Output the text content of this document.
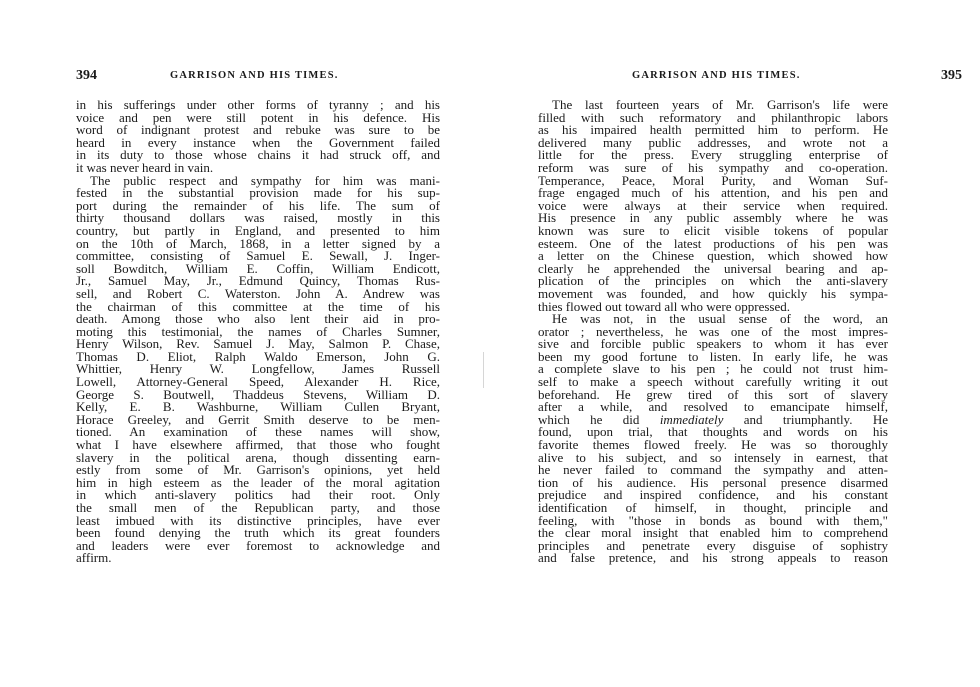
394	GARRISON AND HIS TIMES.
in his sufferings under other forms of tyranny ; and his
voice and pen were still potent in his defence. His
word of indignant protest and rebuke was sure to be
heard in every instance when the Government failed
in its duty to those whose chains it had struck off, and
it was never heard in vain.
The public respect and sympathy for him was mani-
fested in the substantial provision made for his sup-
port during the remainder of his life. The sum of
thirty thousand dollars was raised, mostly in this
country, but partly in England, and presented to him
on the 10th of March, 1868, in a letter signed by a
committee, consisting of Samuel E. Sewall, J. Inger-
soll Bowditch, William E. Coffin, William Endicott,
Jr., Samuel May, Jr., Edmund Quincy, Thomas Rus-
sell, and Robert C. Waterston. John A. Andrew was
the chairman of this committee at the time of his
death. Among those who also lent their aid in pro-
moting this testimonial, the names of Charles Sumner,
Henry Wilson, Rev. Samuel J. May, Salmon P. Chase,
Thomas D. Eliot, Ralph Waldo Emerson, John G.
Whittier, Henry W. Longfellow, James Russell
Lowell, Attorney-General Speed, Alexander H. Rice,
George S. Boutwell, Thaddeus Stevens, William D.
Kelly, E. B. Washburne, William Cullen Bryant,
Horace Greeley, and Gerrit Smith deserve to be men-
tioned. An examination of these names will show,
what I have elsewhere affirmed, that those who fought
slavery in the political arena, though dissenting earn-
estly from some of Mr. Garrison's opinions, yet held
him in high esteem as the leader of the moral agitation
in which anti-slavery politics had their root. Only
the small men of the Republican party, and those
least imbued with its distinctive principles, have ever
been found denying the truth which its great founders
and leaders were ever foremost to acknowledge and
affirm.
GARRISON AND HIS TIMES.	395
The last fourteen years of Mr. Garrison's life were
filled with such reformatory and philanthropic labors
as his impaired health permitted him to perform. He
delivered many public addresses, and wrote not a
little for the press. Every struggling enterprise of
reform was sure of his sympathy and co-operation.
Temperance, Peace, Moral Purity, and Woman Suf-
frage engaged much of his attention, and his pen and
voice were always at their service when required.
His presence in any public assembly where he was
known was sure to elicit visible tokens of popular
esteem. One of the latest productions of his pen was
a letter on the Chinese question, which showed how
clearly he apprehended the universal bearing and ap-
plication of the principles on which the anti-slavery
movement was founded, and how quickly his sympa-
thies flowed out toward all who were oppressed.
He was not, in the usual sense of the word, an
orator ; nevertheless, he was one of the most impres-
sive and forcible public speakers to whom it has ever
been my good fortune to listen. In early life, he was
a complete slave to his pen ; he could not trust him-
self to make a speech without carefully writing it out
beforehand. He grew tired of this sort of slavery
after a while, and resolved to emancipate himself,
which he did immediately and triumphantly. He
found, upon trial, that thoughts and words on his
favorite themes flowed freely. He was so thoroughly
alive to his subject, and so intensely in earnest, that
he never failed to command the sympathy and atten-
tion of his audience. His personal presence disarmed
prejudice and inspired confidence, and his constant
identification of himself, in thought, principle and
feeling, with "those in bonds as bound with them,"
the clear moral insight that enabled him to comprehend
principles and penetrate every disguise of sophistry
and false pretence, and his strong appeals to reason
